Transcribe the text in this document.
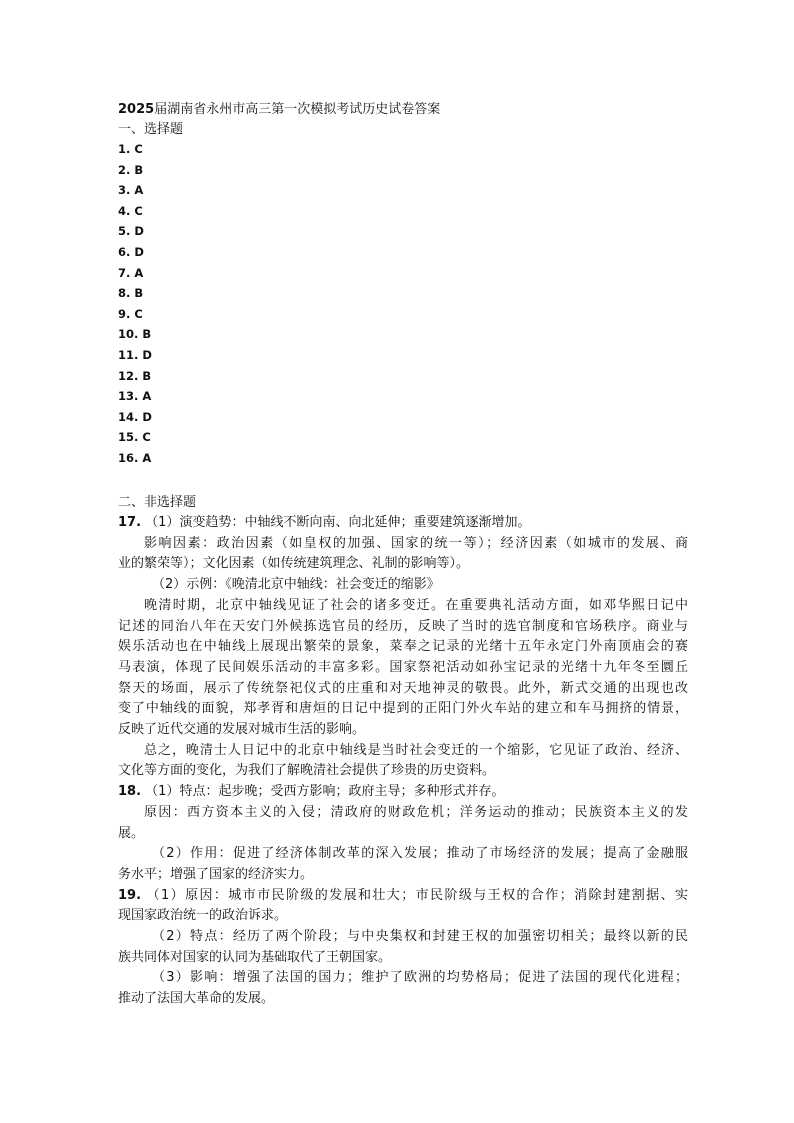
2025届湖南省永州市高三第一次模拟考试历史试卷答案
一、选择题
1. C
2. B
3. A
4. C
5. D
6. D
7. A
8. B
9. C
10. B
11. D
12. B
13. A
14. D
15. C
16. A
二、非选择题

17. （1）演变趋势：中轴线不断向南、向北延伸；重要建筑逐渐增加。

影响因素：政治因素（如皇权的加强、国家的统一等）；经济因素（如城市的发展、商

业的繁荣等）；文化因素（如传统建筑理念、礼制的影响等）。

（2）示例：《晚清北京中轴线：社会变迁的缩影》

晚清时期，北京中轴线见证了社会的诸多变迁。在重要典礼活动方面，如邓华熙日记中

记述的同治八年在天安门外候拣选官员的经历，反映了当时的选官制度和官场秩序。商业与

娱乐活动也在中轴线上展现出繁荣的景象，菜奉之记录的光绪十五年永定门外南顶庙会的赛

马表演，体现了民间娱乐活动的丰富多彩。国家祭祀活动如孙宝记录的光绪十九年冬至圜丘

祭天的场面，展示了传统祭祀仪式的庄重和对天地神灵的敬畏。此外，新式交通的出现也改

变了中轴线的面貌，郑孝胥和唐烜的日记中提到的正阳门外火车站的建立和车马拥挤的情景，

反映了近代交通的发展对城市生活的影响。

总之，晚清士人日记中的北京中轴线是当时社会变迁的一个缩影，它见证了政治、经济、

文化等方面的变化，为我们了解晚清社会提供了珍贵的历史资料。

18. （1）特点：起步晚；受西方影响；政府主导；多种形式并存。

原因：西方资本主义的入侵；清政府的财政危机；洋务运动的推动；民族资本主义的发

展。

（2）作用：促进了经济体制改革的深入发展；推动了市场经济的发展；提高了金融服

务水平；增强了国家的经济实力。

19. （1）原因：城市市民阶级的发展和壮大；市民阶级与王权的合作；消除封建割据、实

现国家政治统一的政治诉求。

（2）特点：经历了两个阶段；与中央集权和封建王权的加强密切相关；最终以新的民

族共同体对国家的认同为基础取代了王朝国家。

（3）影响：增强了法国的国力；维护了欧洲的均势格局；促进了法国的现代化进程；

推动了法国大革命的发展。
